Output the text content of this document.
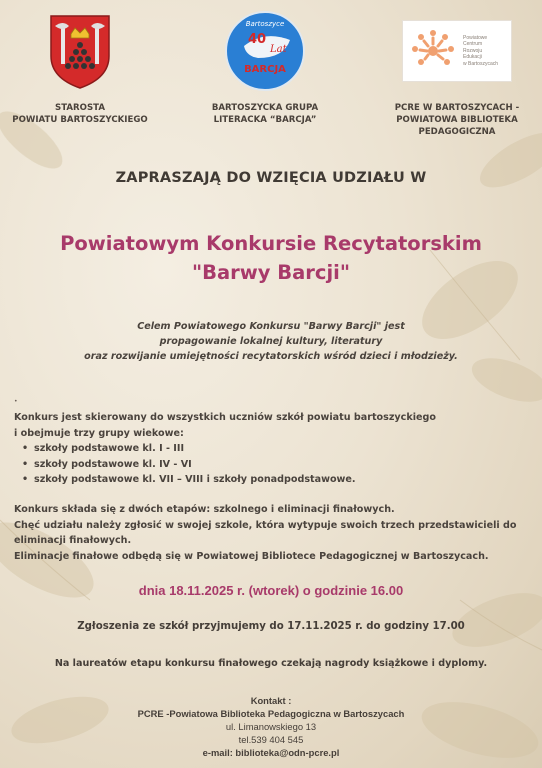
STAROSTA
POWIATU BARTOSZYCKIEGO
Bartoszyce
40
Lat
BARCJA
BARTOSZYCKA GRUPA
LITERACKA “BARCJA”
Powiatowe
Centrum
Rozwoju
Edukacji
w Bartoszycach
PCRE W BARTOSZYCACH -
POWIATOWA BIBLIOTEKA
PEDAGOGICZNA
ZAPRASZAJĄ DO WZIĘCIA UDZIAŁU W
Powiatowym Konkursie Recytatorskim
"Barwy Barcji"
Celem Powiatowego Konkursu "Barwy Barcji" jest
propagowanie lokalnej kultury, literatury
oraz rozwijanie umiejętności recytatorskich wśród dzieci i młodzieży.
•
Konkurs jest skierowany do wszystkich uczniów szkół powiatu bartoszyckiego
i obejmuje trzy grupy wiekowe:
• szkoły podstawowe kl. I - III
• szkoły podstawowe kl. IV - VI
• szkoły podstawowe kl. VII – VIII i szkoły ponadpodstawowe.
Konkurs składa się z dwóch etapów: szkolnego i eliminacji finałowych.
Chęć udziału należy zgłosić w swojej szkole, która wytypuje swoich trzech przedstawicieli do
eliminacji finałowych.
Eliminacje finałowe odbędą się w Powiatowej Bibliotece Pedagogicznej w Bartoszycach.
dnia 18.11.2025 r. (wtorek) o godzinie 16.00
Zgłoszenia ze szkół przyjmujemy do 17.11.2025 r. do godziny 17.00
Na laureatów etapu konkursu finałowego czekają nagrody książkowe i dyplomy.
Kontakt :
PCRE -Powiatowa Biblioteka Pedagogiczna w Bartoszycach
ul. Limanowskiego 13
tel.539 404 545
e-mail: biblioteka@odn-pcre.pl
